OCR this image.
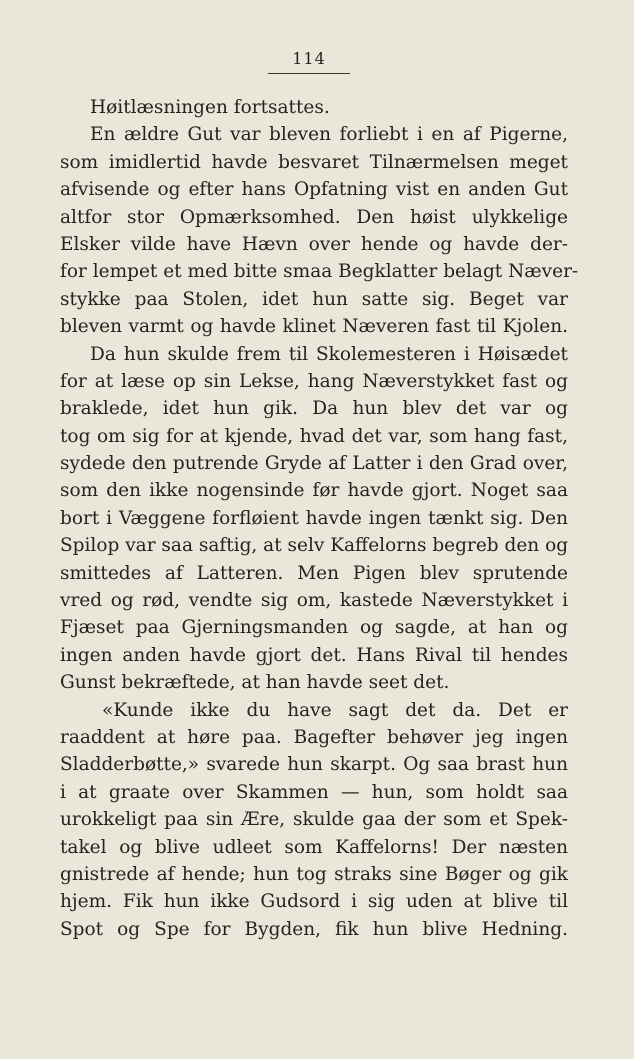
114
Høitlæsningen fortsattes.
En ældre Gut var bleven forliebt i en af Pigerne,
som imidlertid havde besvaret Tilnærmelsen meget
afvisende og efter hans Opfatning vist en anden Gut
altfor stor Opmærksomhed. Den høist ulykkelige
Elsker vilde have Hævn over hende og havde der-
for lempet et med bitte smaa Begklatter belagt Næver-
stykke paa Stolen, idet hun satte sig. Beget var
bleven varmt og havde klinet Næveren fast til Kjolen.
Da hun skulde frem til Skolemesteren i Høisædet
for at læse op sin Lekse, hang Næverstykket fast og
braklede, idet hun gik. Da hun blev det var og
tog om sig for at kjende, hvad det var, som hang fast,
sydede den putrende Gryde af Latter i den Grad over,
som den ikke nogensinde før havde gjort. Noget saa
bort i Væggene forfløient havde ingen tænkt sig. Den
Spilop var saa saftig, at selv Kaffelorns begreb den og
smittedes af Latteren. Men Pigen blev sprutende
vred og rød, vendte sig om, kastede Næverstykket i
Fjæset paa Gjerningsmanden og sagde, at han og
ingen anden havde gjort det. Hans Rival til hendes
Gunst bekræftede, at han havde seet det.
«Kunde ikke du have sagt det da. Det er
raaddent at høre paa. Bagefter behøver jeg ingen
Sladderbøtte,» svarede hun skarpt. Og saa brast hun
i at graate over Skammen — hun, som holdt saa
urokkeligt paa sin Ære, skulde gaa der som et Spek-
takel og blive udleet som Kaffelorns! Der næsten
gnistrede af hende; hun tog straks sine Bøger og gik
hjem. Fik hun ikke Gudsord i sig uden at blive til
Spot og Spe for Bygden, fik hun blive Hedning.
